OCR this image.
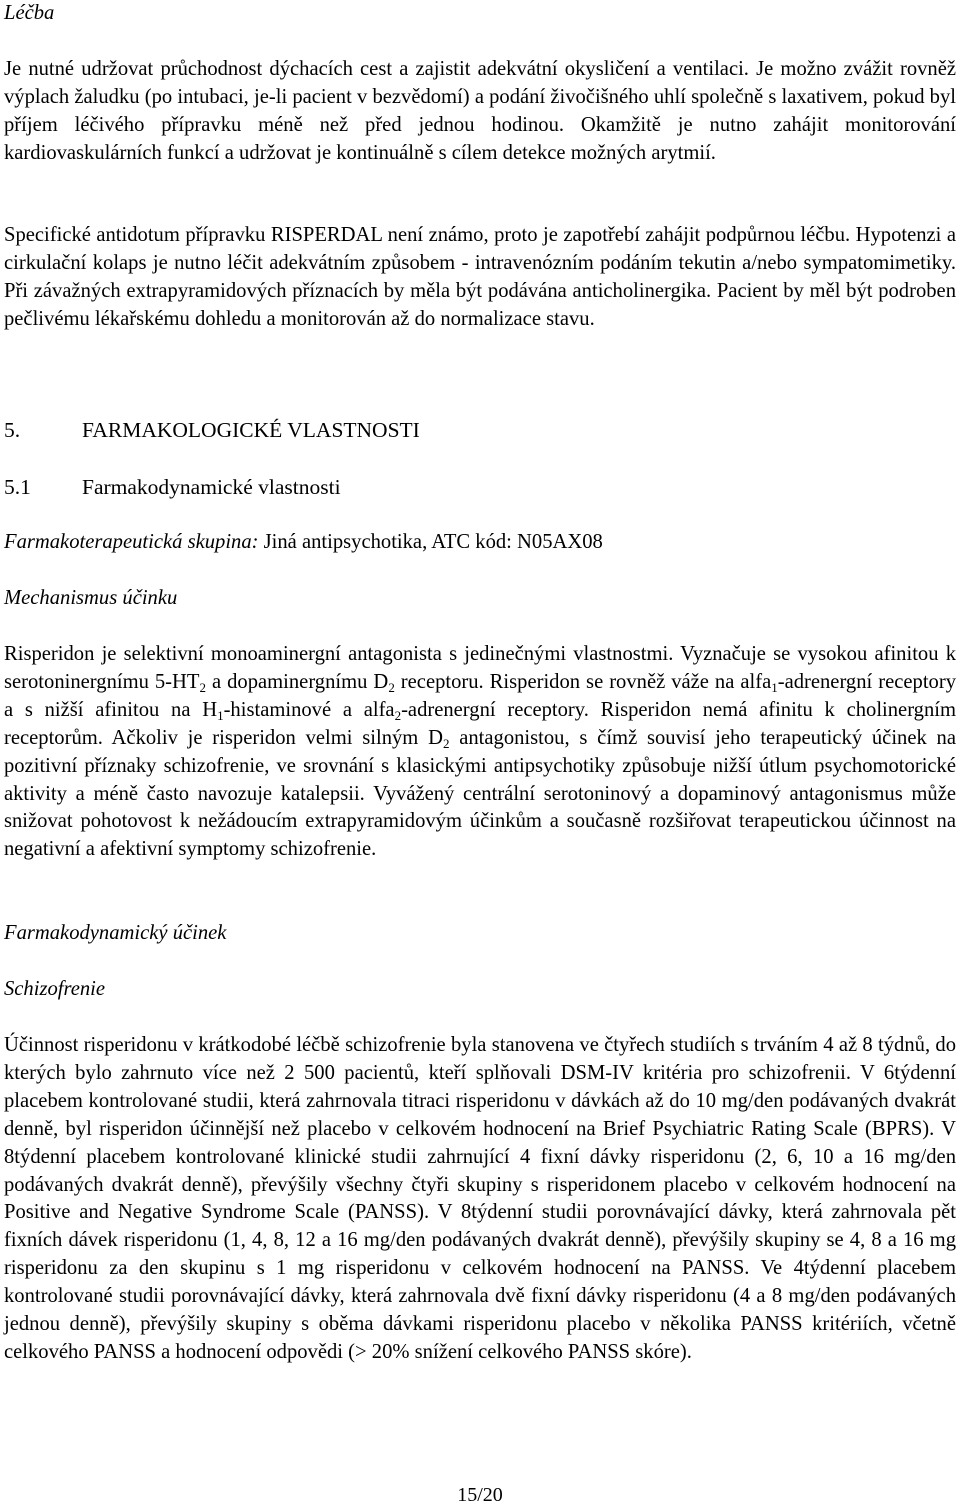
Léčba

Je nutné udržovat průchodnost dýchacích cest a zajistit adekvátní okysličení a ventilaci. Je možno zvážit rovněž výplach žaludku (po intubaci, je-li pacient v bezvědomí) a podání živočišného uhlí společně s laxativem, pokud byl příjem léčivého přípravku méně než před jednou hodinou. Okamžitě je nutno zahájit monitorování kardiovaskulárních funkcí a udržovat je kontinuálně s cílem detekce možných arytmií.

Specifické antidotum přípravku RISPERDAL není známo, proto je zapotřebí zahájit podpůrnou léčbu. Hypotenzi a cirkulační kolaps je nutno léčit adekvátním způsobem - intravenózním podáním tekutin a/nebo sympatomimetiky. Při závažných extrapyramidových příznacích by měla být podávána anticholinergika. Pacient by měl být podroben pečlivému lékařskému dohledu a monitorován až do normalizace stavu.

5.	FARMAKOLOGICKÉ VLASTNOSTI
5.1 Farmakodynamické vlastnosti

Farmakoterapeutická skupina: Jiná antipsychotika, ATC kód: N05AX08

Mechanismus účinku

Risperidon je selektivní monoaminergní antagonista s jedinečnými vlastnostmi. Vyznačuje se vysokou afinitou k serotoninergnímu $5-HT_2$ a dopaminergnímu $D_2$ receptoru. Risperidon se rovněž váže na alfa$_1$-adrenergní receptory a s nižší afinitou na $H_1$-histaminové a alfa$_2$-adrenergní receptory. Risperidon nemá afinitu k cholinergním receptorům. Ačkoliv je risperidon velmi silným $D_2$ antagonistou, s čímž souvisí jeho terapeutický účinek na pozitivní příznaky schizofrenie, ve srovnání s klasickými antipsychotiky způsobuje nižší útlum psychomotorické aktivity a méně často navozuje katalepsii. Vyvážený centrální serotoninový a dopaminový antagonismus může snižovat pohotovost k nežádoucím extrapyramidovým účinkům a současně rozšiřovat terapeutickou účinnost na negativní a afektivní symptomy schizofrenie.

Farmakodynamický účinek

Schizofrenie

Účinnost risperidonu v krátkodobé léčbě schizofrenie byla stanovena ve čtyřech studiích s trváním 4 až 8 týdnů, do kterých bylo zahrnuto více než 2 500 pacientů, kteří splňovali DSM-IV kritéria pro schizofrenii. V 6týdenní placebem kontrolované studii, která zahrnovala titraci risperidonu v dávkách až do 10 mg/den podávaných dvakrát denně, byl risperidon účinnější než placebo v celkovém hodnocení na Brief Psychiatric Rating Scale (BPRS). V 8týdenní placebem kontrolované klinické studii zahrnující 4 fixní dávky risperidonu (2, 6, 10 a 16 mg/den podávaných dvakrát denně), převýšily všechny čtyři skupiny s risperidonem placebo v celkovém hodnocení na Positive and Negative Syndrome Scale (PANSS). V 8týdenní studii porovnávající dávky, která zahrnovala pět fixních dávek risperidonu (1, 4, 8, 12 a 16 mg/den podávaných dvakrát denně), převýšily skupiny se 4, 8 a 16 mg risperidonu za den skupinu s 1 mg risperidonu v celkovém hodnocení na PANSS. Ve 4týdenní placebem kontrolované studii porovnávající dávky, která zahrnovala dvě fixní dávky risperidonu (4 a 8 mg/den podávaných jednou denně), převýšily skupiny s oběma dávkami risperidonu placebo v několika PANSS kritériích, včetně celkového PANSS a hodnocení odpovědi (> 20% snížení celkového PANSS skóre).

15/20
